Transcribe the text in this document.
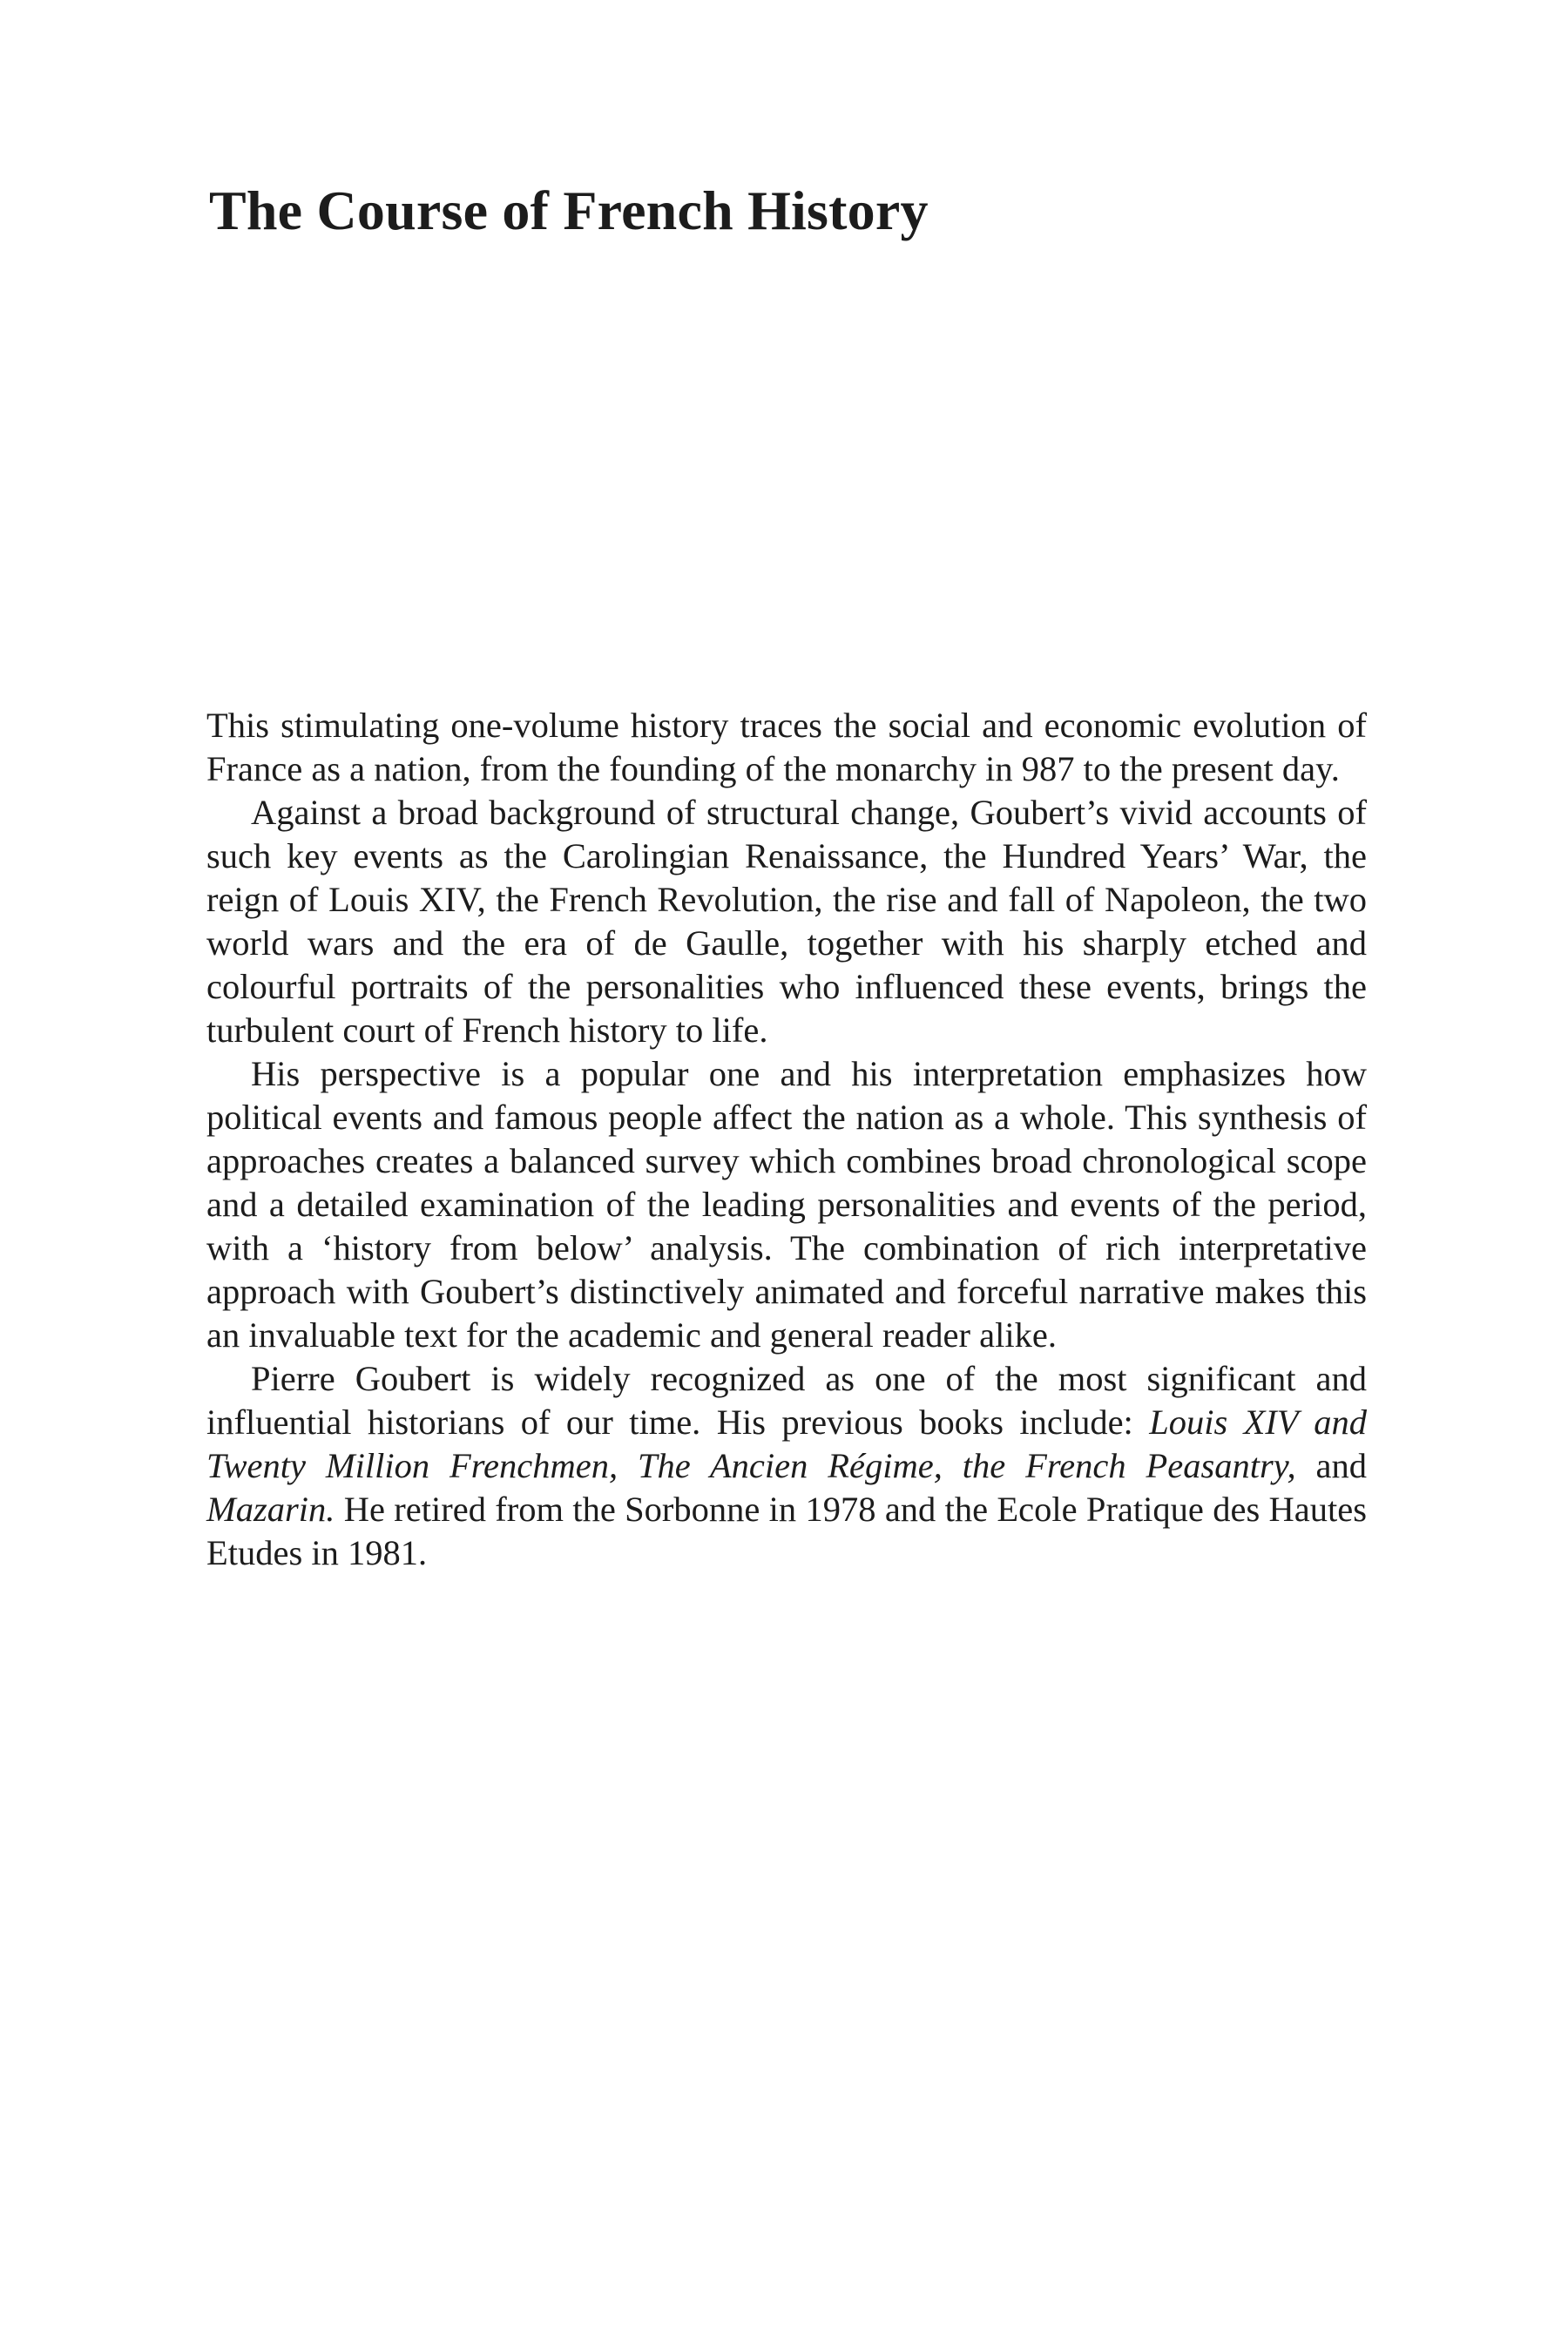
The Course of French History

This stimulating one-volume history traces the social and economic evolution of France as a nation, from the founding of the monarchy in 987 to the present day.

Against a broad background of structural change, Goubert’s vivid accounts of such key events as the Carolingian Renaissance, the Hundred Years’ War, the reign of Louis XIV, the French Revolution, the rise and fall of Napoleon, the two world wars and the era of de Gaulle, together with his sharply etched and colourful portraits of the personalities who influenced these events, brings the turbulent court of French history to life.

His perspective is a popular one and his interpretation emphasizes how political events and famous people affect the nation as a whole. This synthesis of approaches creates a balanced survey which combines broad chronological scope and a detailed examination of the leading personalities and events of the period, with a ‘history from below’ analysis. The combination of rich interpretative approach with Goubert’s distinctively animated and forceful narrative makes this an invaluable text for the academic and general reader alike.

Pierre Goubert is widely recognized as one of the most significant and influential historians of our time. His previous books include: Louis XIV and Twenty Million Frenchmen, The Ancien Régime, the French Peasantry, and Mazarin. He retired from the Sorbonne in 1978 and the Ecole Pratique des Hautes Etudes in 1981.
